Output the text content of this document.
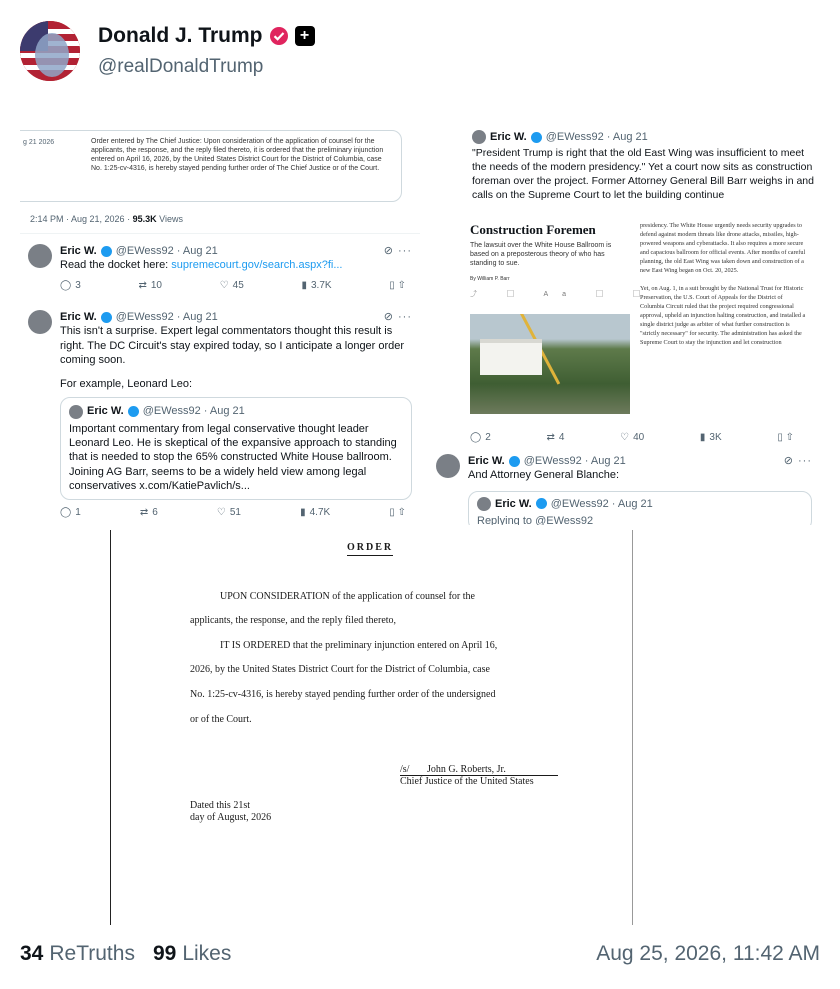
Donald J. Trump	+
@realDonaldTrump
g 21 2026	Order entered by The Chief Justice: Upon consideration of the application of counsel for the applicants, the response, and the reply filed thereto, it is ordered that the preliminary injunction entered on April 16, 2026, by the United States District Court for the District of Columbia, case No. 1:25-cv-4316, is hereby stayed pending further order of The Chief Justice or of the Court.
2:14 PM · Aug 21, 2026 · 95.3K Views
Eric W. @EWess92 · Aug 21	⊘ ···
Read the docket here: supremecourt.gov/search.aspx?fi...
◯ 3	⇄ 10	♡ 45	▮ 3.7K	▯ ⇧
Eric W. @EWess92 · Aug 21	⊘ ···
This isn't a surprise. Expert legal commentators thought this result is right. The DC Circuit's stay expired today, so I anticipate a longer order coming soon.
For example, Leonard Leo:
Eric W. @EWess92 · Aug 21
Important commentary from legal conservative thought leader Leonard Leo. He is skeptical of the expansive approach to standing that is needed to stop the 65% constructed White House ballroom. Joining AG Barr, seems to be a widely held view among legal conservatives x.com/KatiePavlich/s...
◯ 1	⇄ 6	♡ 51	▮ 4.7K	▯ ⇧
Eric W. @EWess92 · Aug 21
"President Trump is right that the old East Wing was insufficient to meet the needs of the modern presidency." Yet a court now sits as construction foreman over the project. Former Attorney General Bill Barr weighs in and calls on the Supreme Court to let the building continue
Construction Foremen
The lawsuit over the White House Ballroom is based on a preposterous theory of who has standing to sue.
By William P. Barr
⤴ ▢ Aa ▢ ▢
presidency. The White House urgently needs security upgrades to defend against modern threats like drone attacks, missiles, high-powered weapons and cyberattacks. It also requires a more secure and capacious ballroom for official events. After months of careful planning, the old East Wing was taken down and construction of a new East Wing began on Oct. 20, 2025.

Yet, on Aug. 1, in a suit brought by the National Trust for Historic Preservation, the U.S. Court of Appeals for the District of Columbia Circuit ruled that the project required congressional approval, upheld an injunction halting construction, and installed a single district judge as arbiter of what further construction is "strictly necessary" for security. The administration has asked the Supreme Court to stay the injunction and let construction
◯ 2	⇄ 4	♡ 40	▮ 3K	▯ ⇧
Eric W. @EWess92 · Aug 21	⊘ ···
And Attorney General Blanche:
Eric W. @EWess92 · Aug 21
Replying to @EWess92
ORDER
UPON CONSIDERATION of the application of counsel for the
applicants, the response, and the reply filed thereto,
IT IS ORDERED that the preliminary injunction entered on April 16,
2026, by the United States District Court for the District of Columbia, case
No. 1:25-cv-4316, is hereby stayed pending further order of the undersigned
or of the Court.
/s/       John G. Roberts, Jr.
Chief Justice of the United States
Dated this 21st
day of August, 2026
34 ReTruths 99 Likes	Aug 25, 2026, 11:42 AM
